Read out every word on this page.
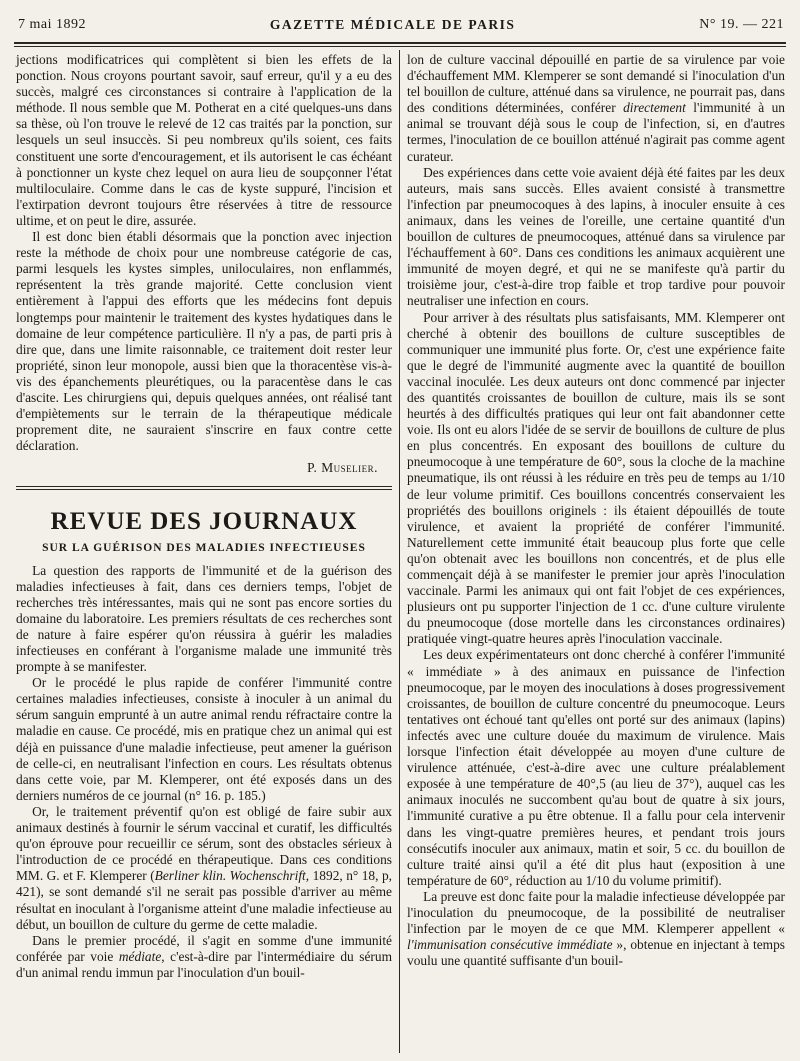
7 mai 1892	GAZETTE MÉDICALE DE PARIS	N° 19. — 221

jections modificatrices qui complètent si bien les effets de la ponction. Nous croyons pourtant savoir, sauf erreur, qu'il y a eu des succès, malgré ces circonstances si contraire à l'application de la méthode. Il nous semble que M. Potherat en a cité quelques-uns dans sa thèse, où l'on trouve le relevé de 12 cas traités par la ponction, sur lesquels un seul insuccès. Si peu nombreux qu'ils soient, ces faits constituent une sorte d'encouragement, et ils autorisent le cas échéant à ponctionner un kyste chez lequel on aura lieu de soupçonner l'état multiloculaire. Comme dans le cas de kyste suppuré, l'incision et l'extirpation devront toujours être réservées à titre de ressource ultime, et on peut le dire, assurée.

Il est donc bien établi désormais que la ponction avec injection reste la méthode de choix pour une nombreuse catégorie de cas, parmi lesquels les kystes simples, uniloculaires, non enflammés, représentent la très grande majorité. Cette conclusion vient entièrement à l'appui des efforts que les médecins font depuis longtemps pour maintenir le traitement des kystes hydatiques dans le domaine de leur compétence particulière. Il n'y a pas, de parti pris à dire que, dans une limite raisonnable, ce traitement doit rester leur propriété, sinon leur monopole, aussi bien que la thoracentèse vis-à-vis des épanchements pleurétiques, ou la paracentèse dans le cas d'ascite. Les chirurgiens qui, depuis quelques années, ont réalisé tant d'empiètements sur le terrain de la thérapeutique médicale proprement dite, ne sauraient s'inscrire en faux contre cette déclaration.

P. Muselier.
REVUE DES JOURNAUX
SUR LA GUÉRISON DES MALADIES INFECTIEUSES

La question des rapports de l'immunité et de la guérison des maladies infectieuses à fait, dans ces derniers temps, l'objet de recherches très intéressantes, mais qui ne sont pas encore sorties du domaine du laboratoire. Les premiers résultats de ces recherches sont de nature à faire espérer qu'on réussira à guérir les maladies infectieuses en conférant à l'organisme malade une immunité très prompte à se manifester.

Or le procédé le plus rapide de conférer l'immunité contre certaines maladies infectieuses, consiste à inoculer à un animal du sérum sanguin emprunté à un autre animal rendu réfractaire contre la maladie en cause. Ce procédé, mis en pratique chez un animal qui est déjà en puissance d'une maladie infectieuse, peut amener la guérison de celle-ci, en neutralisant l'infection en cours. Les résultats obtenus dans cette voie, par M. Klemperer, ont été exposés dans un des derniers numéros de ce journal (n° 16. p. 185.)

Or, le traitement préventif qu'on est obligé de faire subir aux animaux destinés à fournir le sérum vaccinal et curatif, les difficultés qu'on éprouve pour recueillir ce sérum, sont des obstacles sérieux à l'introduction de ce procédé en thérapeutique. Dans ces conditions MM. G. et F. Klemperer (Berliner klin. Wochenschrift, 1892, n° 18, p, 421), se sont demandé s'il ne serait pas possible d'arriver au même résultat en inoculant à l'organisme atteint d'une maladie infectieuse au début, un bouillon de culture du germe de cette maladie.

Dans le premier procédé, il s'agit en somme d'une immunité conférée par voie médiate, c'est-à-dire par l'intermédiaire du sérum d'un animal rendu immun par l'inoculation d'un bouil-

lon de culture vaccinal dépouillé en partie de sa virulence par voie d'échauffement MM. Klemperer se sont demandé si l'inoculation d'un tel bouillon de culture, atténué dans sa virulence, ne pourrait pas, dans des conditions déterminées, conférer directement l'immunité à un animal se trouvant déjà sous le coup de l'infection, si, en d'autres termes, l'inoculation de ce bouillon atténué n'agirait pas comme agent curateur.

Des expériences dans cette voie avaient déjà été faites par les deux auteurs, mais sans succès. Elles avaient consisté à transmettre l'infection par pneumocoques à des lapins, à inoculer ensuite à ces animaux, dans les veines de l'oreille, une certaine quantité d'un bouillon de cultures de pneumocoques, atténué dans sa virulence par l'échauffement à 60°. Dans ces conditions les animaux acquièrent une immunité de moyen degré, et qui ne se manifeste qu'à partir du troisième jour, c'est-à-dire trop faible et trop tardive pour pouvoir neutraliser une infection en cours.

Pour arriver à des résultats plus satisfaisants, MM. Klemperer ont cherché à obtenir des bouillons de culture susceptibles de communiquer une immunité plus forte. Or, c'est une expérience faite que le degré de l'immunité augmente avec la quantité de bouillon vaccinal inoculée. Les deux auteurs ont donc commencé par injecter des quantités croissantes de bouillon de culture, mais ils se sont heurtés à des difficultés pratiques qui leur ont fait abandonner cette voie. Ils ont eu alors l'idée de se servir de bouillons de culture de plus en plus concentrés. En exposant des bouillons de culture du pneumocoque à une température de 60°, sous la cloche de la machine pneumatique, ils ont réussi à les réduire en très peu de temps au 1/10 de leur volume primitif. Ces bouillons concentrés conservaient les propriétés des bouillons originels : ils étaient dépouillés de toute virulence, et avaient la propriété de conférer l'immunité. Naturellement cette immunité était beaucoup plus forte que celle qu'on obtenait avec les bouillons non concentrés, et de plus elle commençait déjà à se manifester le premier jour après l'inoculation vaccinale. Parmi les animaux qui ont fait l'objet de ces expériences, plusieurs ont pu supporter l'injection de 1 cc. d'une culture virulente du pneumocoque (dose mortelle dans les circonstances ordinaires) pratiquée vingt-quatre heures après l'inoculation vaccinale.

Les deux expérimentateurs ont donc cherché à conférer l'immunité « immédiate » à des animaux en puissance de l'infection pneumocoque, par le moyen des inoculations à doses progressivement croissantes, de bouillon de culture concentré du pneumocoque. Leurs tentatives ont échoué tant qu'elles ont porté sur des animaux (lapins) infectés avec une culture douée du maximum de virulence. Mais lorsque l'infection était développée au moyen d'une culture de virulence atténuée, c'est-à-dire avec une culture préalablement exposée à une température de 40°,5 (au lieu de 37°), auquel cas les animaux inoculés ne succombent qu'au bout de quatre à six jours, l'immunité curative a pu être obtenue. Il a fallu pour cela intervenir dans les vingt-quatre premières heures, et pendant trois jours consécutifs inoculer aux animaux, matin et soir, 5 cc. du bouillon de culture traité ainsi qu'il a été dit plus haut (exposition à une température de 60°, réduction au 1/10 du volume primitif).

La preuve est donc faite pour la maladie infectieuse développée par l'inoculation du pneumocoque, de la possibilité de neutraliser l'infection par le moyen de ce que MM. Klemperer appellent « l'immunisation consécutive immédiate », obtenue en injectant à temps voulu une quantité suffisante d'un bouil-
